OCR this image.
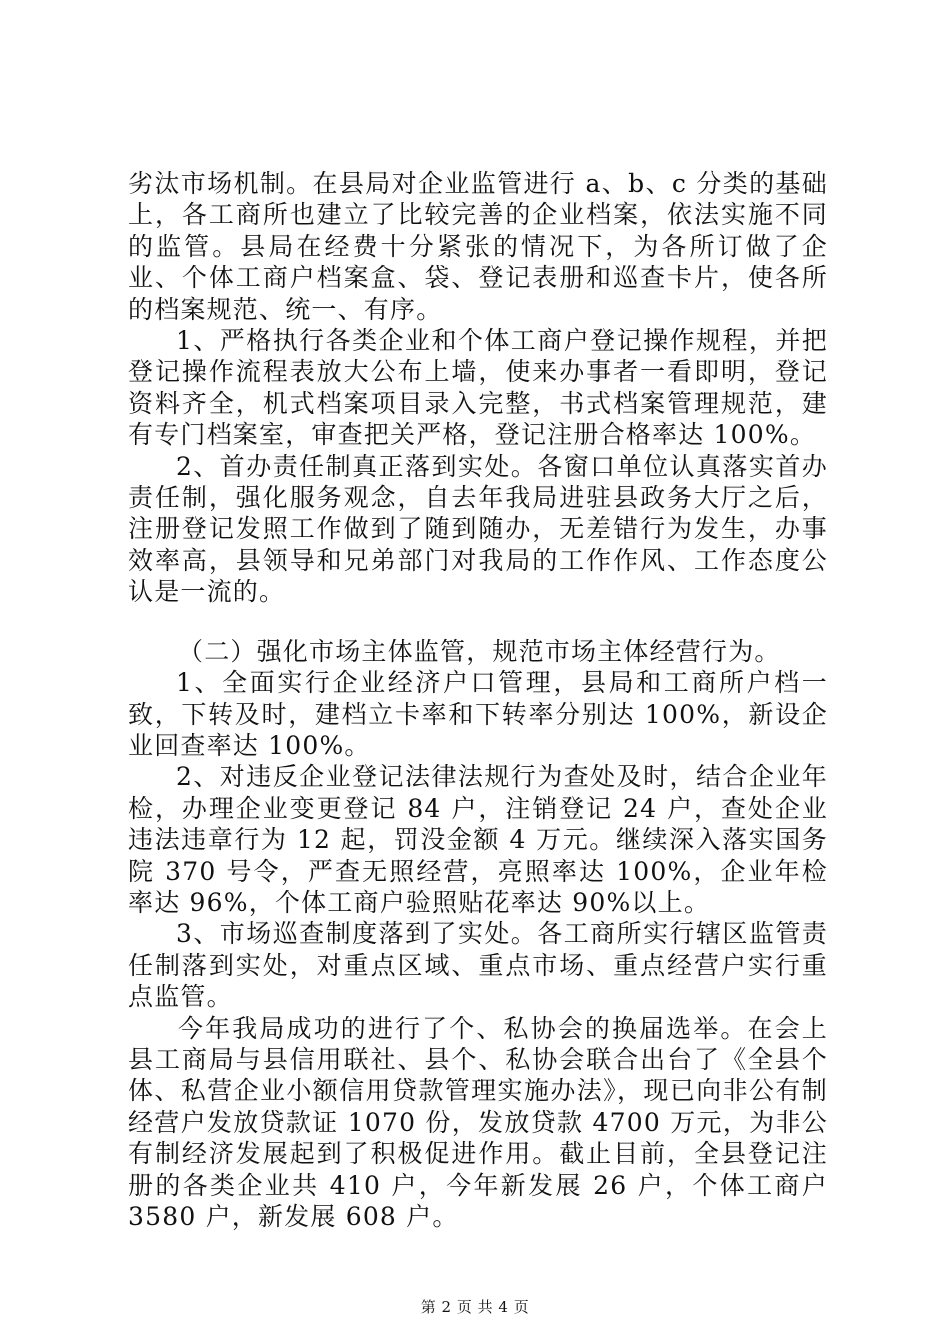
劣汰市场机制。在县局对企业监管进行 a、b、c 分类的基础上，各工商所也建立了比较完善的企业档案，依法实施不同的监管。县局在经费十分紧张的情况下，为各所订做了企业、个体工商户档案盒、袋、登记表册和巡查卡片，使各所的档案规范、统一、有序。

1、严格执行各类企业和个体工商户登记操作规程，并把登记操作流程表放大公布上墙，使来办事者一看即明，登记资料齐全，机式档案项目录入完整，书式档案管理规范，建有专门档案室，审查把关严格，登记注册合格率达 100%。

2、首办责任制真正落到实处。各窗口单位认真落实首办责任制，强化服务观念，自去年我局进驻县政务大厅之后，注册登记发照工作做到了随到随办，无差错行为发生，办事效率高，县领导和兄弟部门对我局的工作作风、工作态度公认是一流的。

（二）强化市场主体监管，规范市场主体经营行为。

1、全面实行企业经济户口管理，县局和工商所户档一致，下转及时，建档立卡率和下转率分别达 100%，新设企业回查率达 100%。

2、对违反企业登记法律法规行为查处及时，结合企业年检，办理企业变更登记 84 户，注销登记 24 户，查处企业违法违章行为 12 起，罚没金额 4 万元。继续深入落实国务院 370 号令，严查无照经营，亮照率达 100%，企业年检率达 96%，个体工商户验照贴花率达 90%以上。

3、市场巡查制度落到了实处。各工商所实行辖区监管责任制落到实处，对重点区域、重点市场、重点经营户实行重点监管。

今年我局成功的进行了个、私协会的换届选举。在会上县工商局与县信用联社、县个、私协会联合出台了《全县个体、私营企业小额信用贷款管理实施办法》，现已向非公有制经营户发放贷款证 1070 份，发放贷款 4700 万元，为非公有制经济发展起到了积极促进作用。截止目前，全县登记注册的各类企业共 410 户，今年新发展 26 户，个体工商户 3580 户，新发展 608 户。

第 2 页 共 4 页
